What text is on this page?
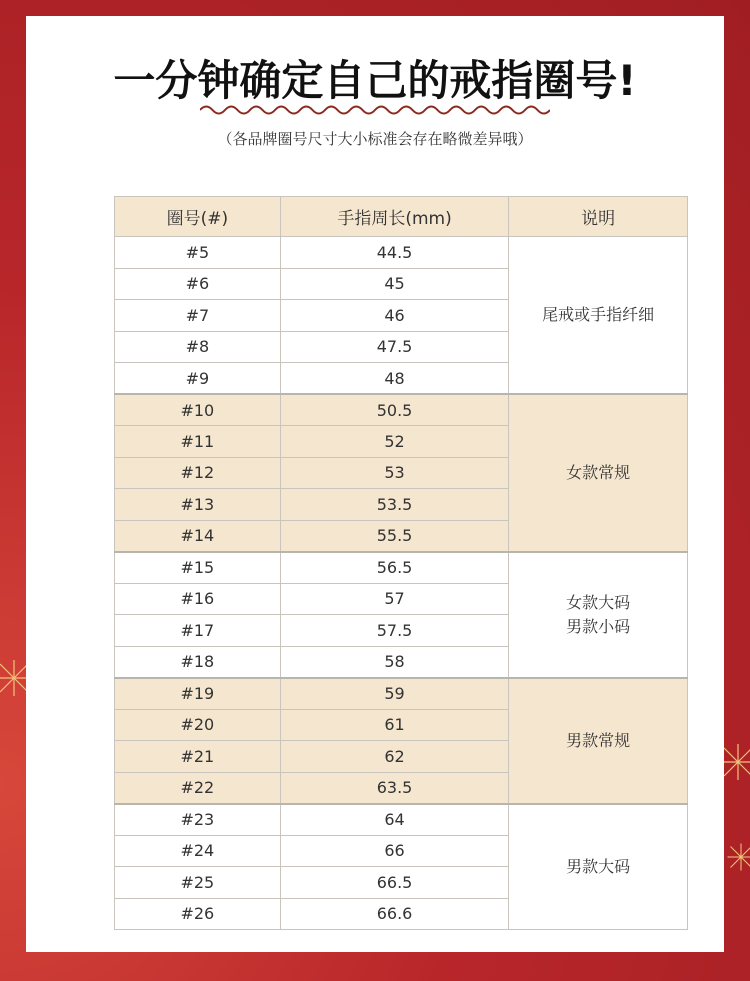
一分钟确定自己的戒指圈号!
（各品牌圈号尺寸大小标准会存在略微差异哦）
圈号(#)	手指周长(mm)	说明
#5	44.5	尾戒或手指纤细

#6	45	
#7	46	
#8	47.5	
#9	48	
#10	50.5	女款常规

#11	52	
#12	53	
#13	53.5	
#14	55.5	
#15	56.5	女款大码
男款小码

#16	57	
#17	57.5	
#18	58	
#19	59	男款常规

#20	61	
#21	62	
#22	63.5	
#23	64	男款大码

#24	66	
#25	66.5	
#26	66.6	
